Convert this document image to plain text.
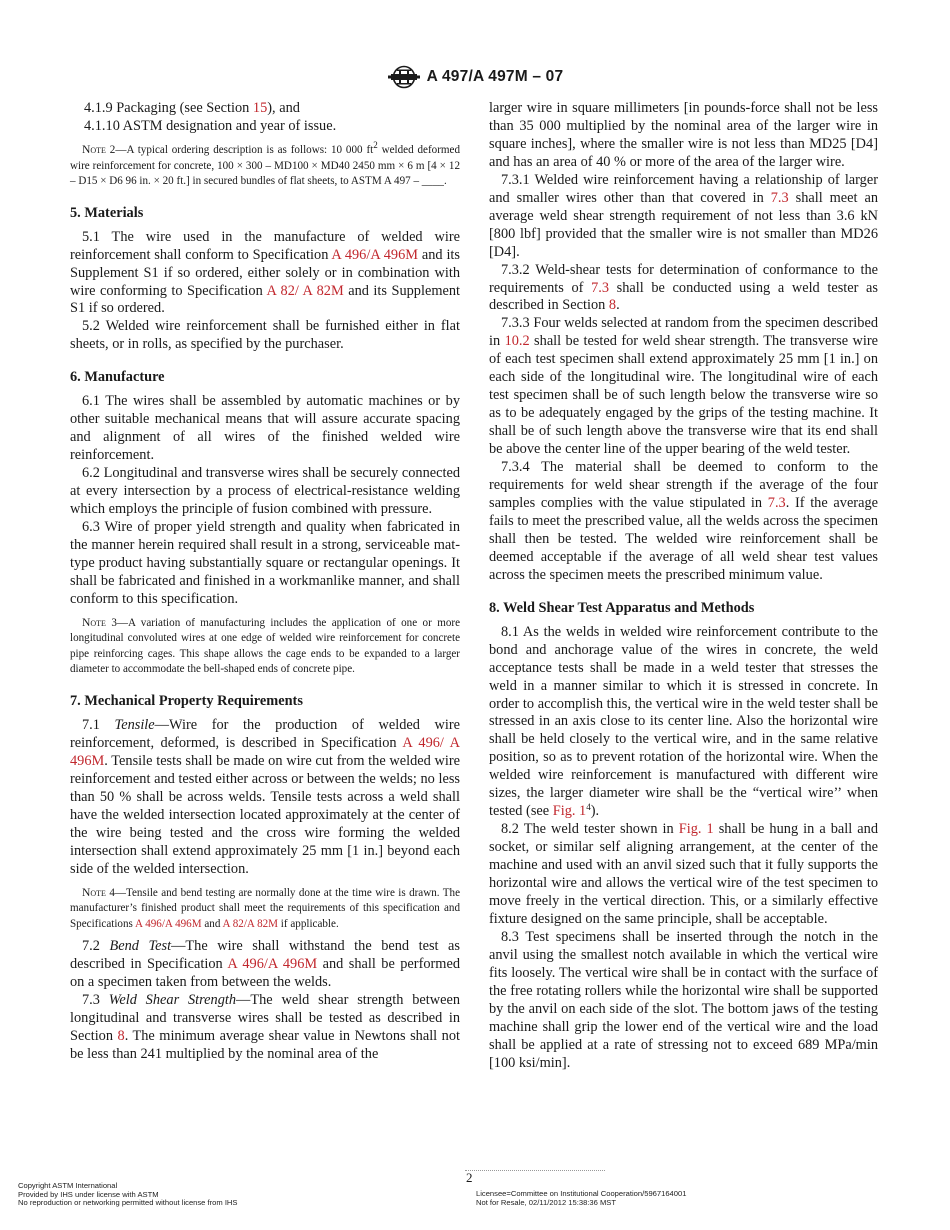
A 497/A 497M – 07

4.1.9 Packaging (see Section 15), and

4.1.10 ASTM designation and year of issue.

Note 2—A typical ordering description is as follows: 10 000 $ft^2$ welded deformed wire reinforcement for concrete, 100 × 300 – MD100 × MD40 2450 mm × 6 m [4 × 12 – D15 × D6 96 in. × 20 ft.] in secured bundles of flat sheets, to ASTM A 497 – ____.

5. Materials

5.1 The wire used in the manufacture of welded wire reinforcement shall conform to Specification A 496/A 496M and its Supplement S1 if so ordered, either solely or in combination with wire conforming to Specification A 82/ A 82M and its Supplement S1 if so ordered.

5.2 Welded wire reinforcement shall be furnished either in flat sheets, or in rolls, as specified by the purchaser.

6. Manufacture

6.1 The wires shall be assembled by automatic machines or by other suitable mechanical means that will assure accurate spacing and alignment of all wires of the finished welded wire reinforcement.

6.2 Longitudinal and transverse wires shall be securely connected at every intersection by a process of electrical-resistance welding which employs the principle of fusion combined with pressure.

6.3 Wire of proper yield strength and quality when fabricated in the manner herein required shall result in a strong, serviceable mat-type product having substantially square or rectangular openings. It shall be fabricated and finished in a workmanlike manner, and shall conform to this specification.

Note 3—A variation of manufacturing includes the application of one or more longitudinal convoluted wires at one edge of welded wire reinforcement for concrete pipe reinforcing cages. This shape allows the cage ends to be expanded to a larger diameter to accommodate the bell-shaped ends of concrete pipe.

7. Mechanical Property Requirements

7.1 Tensile—Wire for the production of welded wire reinforcement, deformed, is described in Specification A 496/ A 496M. Tensile tests shall be made on wire cut from the welded wire reinforcement and tested either across or between the welds; no less than 50 % shall be across welds. Tensile tests across a weld shall have the welded intersection located approximately at the center of the wire being tested and the cross wire forming the welded intersection shall extend approximately 25 mm [1 in.] beyond each side of the welded intersection.

Note 4—Tensile and bend testing are normally done at the time wire is drawn. The manufacturer’s finished product shall meet the requirements of this specification and Specifications A 496/A 496M and A 82/A 82M if applicable.

7.2 Bend Test—The wire shall withstand the bend test as described in Specification A 496/A 496M and shall be performed on a specimen taken from between the welds.

7.3 Weld Shear Strength—The weld shear strength between longitudinal and transverse wires shall be tested as described in Section 8. The minimum average shear value in Newtons shall not be less than 241 multiplied by the nominal area of the

larger wire in square millimeters [in pounds-force shall not be less than 35 000 multiplied by the nominal area of the larger wire in square inches], where the smaller wire is not less than MD25 [D4] and has an area of 40 % or more of the area of the larger wire.

7.3.1 Welded wire reinforcement having a relationship of larger and smaller wires other than that covered in 7.3 shall meet an average weld shear strength requirement of not less than 3.6 kN [800 lbf] provided that the smaller wire is not smaller than MD26 [D4].

7.3.2 Weld-shear tests for determination of conformance to the requirements of 7.3 shall be conducted using a weld tester as described in Section 8.

7.3.3 Four welds selected at random from the specimen described in 10.2 shall be tested for weld shear strength. The transverse wire of each test specimen shall extend approximately 25 mm [1 in.] on each side of the longitudinal wire. The longitudinal wire of each test specimen shall be of such length below the transverse wire so as to be adequately engaged by the grips of the testing machine. It shall be of such length above the transverse wire that its end shall be above the center line of the upper bearing of the weld tester.

7.3.4 The material shall be deemed to conform to the requirements for weld shear strength if the average of the four samples complies with the value stipulated in 7.3. If the average fails to meet the prescribed value, all the welds across the specimen shall then be tested. The welded wire reinforcement shall be deemed acceptable if the average of all weld shear test values across the specimen meets the prescribed minimum value.

8. Weld Shear Test Apparatus and Methods

8.1 As the welds in welded wire reinforcement contribute to the bond and anchorage value of the wires in concrete, the weld acceptance tests shall be made in a weld tester that stresses the weld in a manner similar to which it is stressed in concrete. In order to accomplish this, the vertical wire in the weld tester shall be stressed in an axis close to its center line. Also the horizontal wire shall be held closely to the vertical wire, and in the same relative position, so as to prevent rotation of the horizontal wire. When the welded wire reinforcement is manufactured with different wire sizes, the larger diameter wire shall be the “vertical wire’’ when tested (see Fig. $1^4$).

8.2 The weld tester shown in Fig. 1 shall be hung in a ball and socket, or similar self aligning arrangement, at the center of the machine and used with an anvil sized such that it fully supports the horizontal wire and allows the vertical wire of the test specimen to move freely in the vertical direction. This, or a similarly effective fixture designed on the same principle, shall be acceptable.

8.3 Test specimens shall be inserted through the notch in the anvil using the smallest notch available in which the vertical wire fits loosely. The vertical wire shall be in contact with the surface of the free rotating rollers while the horizontal wire shall be supported by the anvil on each side of the slot. The bottom jaws of the testing machine shall grip the lower end of the vertical wire and the load shall be applied at a rate of stressing not to exceed 689 MPa/min [100 ksi/min].

2
Copyright ASTM International
Provided by IHS under license with ASTM
No reproduction or networking permitted without license from IHS
Licensee=Committee on Institutional Cooperation/5967164001
Not for Resale, 02/11/2012 15:38:36 MST
